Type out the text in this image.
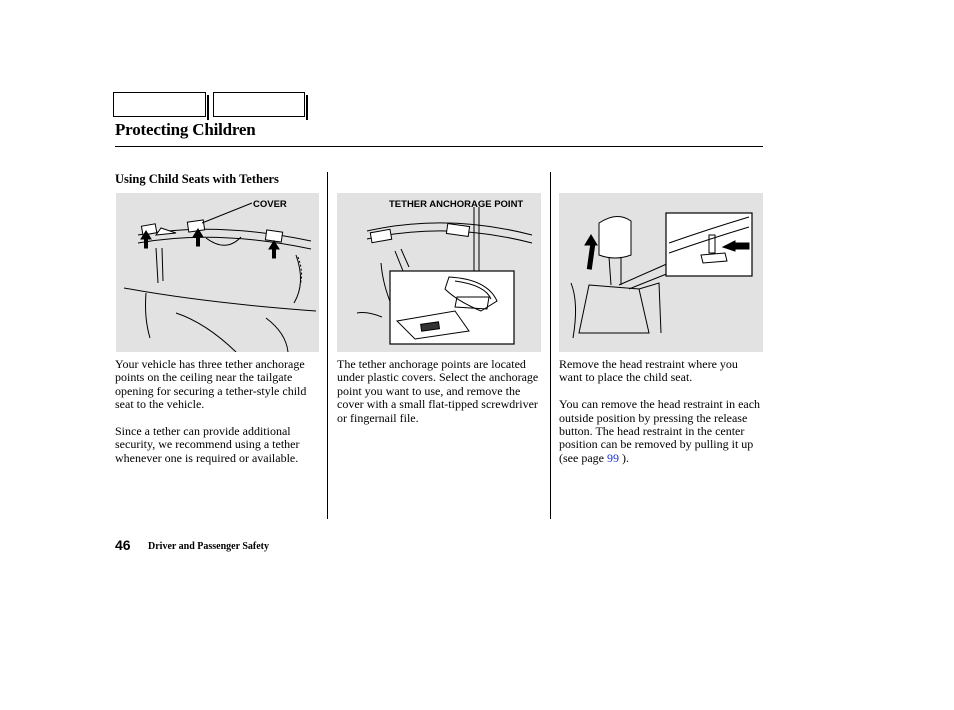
Protecting Children
Using Child Seats with Tethers
COVER	TETHER ANCHORAGE POINT

Your vehicle has three tether anchorage points on the ceiling near the tailgate opening for securing a tether-style child seat to the vehicle.

Since a tether can provide additional security, we recommend using a tether whenever one is required or available.

The tether anchorage points are located under plastic covers. Select the anchorage point you want to use, and remove the cover with a small flat-tipped screwdriver or fingernail file.

Remove the head restraint where you want to place the child seat.

You can remove the head restraint in each outside position by pressing the release button. The head restraint in the center position can be removed by pulling it up (see page 99 ).

46 Driver and Passenger Safety
